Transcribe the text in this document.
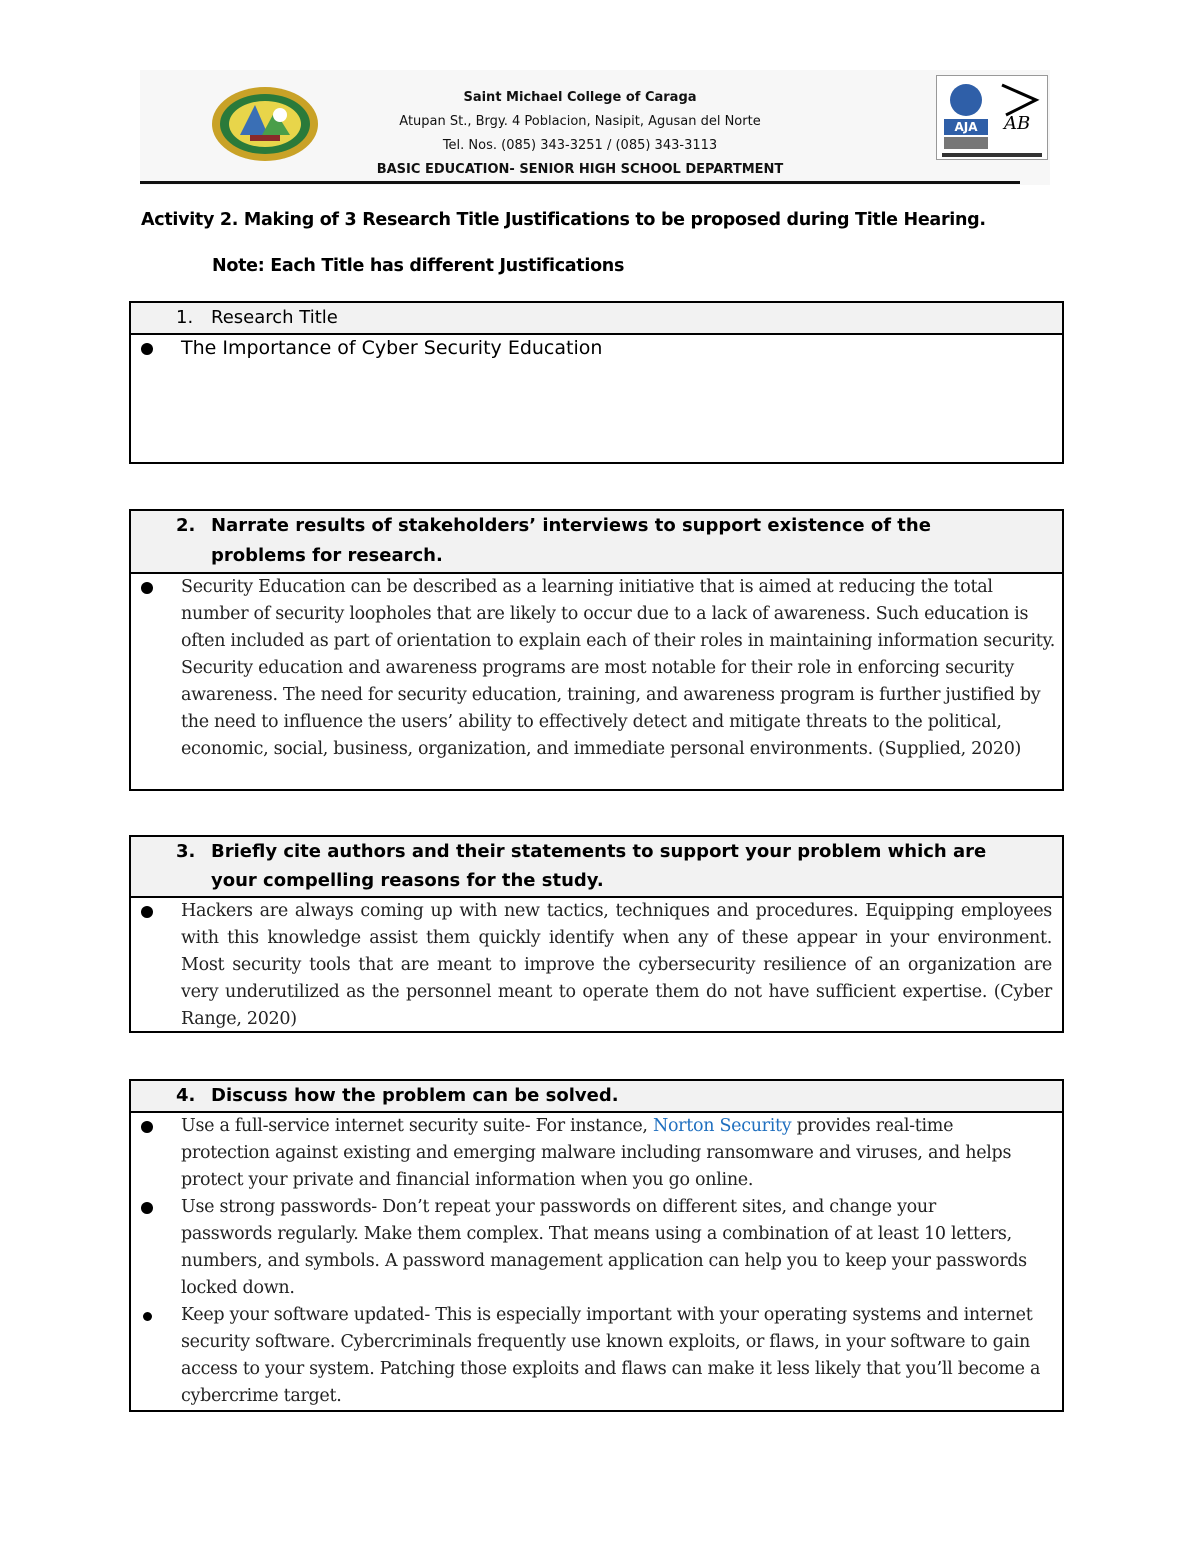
AJA AB
Saint Michael College of Caraga
Atupan St., Brgy. 4 Poblacion, Nasipit, Agusan del Norte
Tel. Nos. (085) 343-3251 / (085) 343-3113
BASIC EDUCATION- SENIOR HIGH SCHOOL DEPARTMENT
Activity 2. Making of 3 Research Title Justifications to be proposed during Title Hearing.
Note: Each Title has different Justifications
1. Research Title
The Importance of Cyber Security Education
2. Narrate results of stakeholders’ interviews to support existence of the problems for research.
Security Education can be described as a learning initiative that is aimed at reducing the total number of security loopholes that are likely to occur due to a lack of awareness. Such education is often included as part of orientation to explain each of their roles in maintaining information security. Security education and awareness programs are most notable for their role in enforcing security awareness. The need for security education, training, and awareness program is further justified by the need to influence the users’ ability to effectively detect and mitigate threats to the political, economic, social, business, organization, and immediate personal environments. (Supplied, 2020)
3. Briefly cite authors and their statements to support your problem which are your compelling reasons for the study.
Hackers are always coming up with new tactics, techniques and procedures. Equipping employees with this knowledge assist them quickly identify when any of these appear in your environment. Most security tools that are meant to improve the cybersecurity resilience of an organization are very underutilized as the personnel meant to operate them do not have sufficient expertise. (Cyber Range, 2020)
4. Discuss how the problem can be solved.
Use a full-service internet security suite- For instance, Norton Security provides real-time protection against existing and emerging malware including ransomware and viruses, and helps protect your private and financial information when you go online.
Use strong passwords- Don’t repeat your passwords on different sites, and change your passwords regularly. Make them complex. That means using a combination of at least 10 letters, numbers, and symbols. A password management application can help you to keep your passwords locked down.
Keep your software updated- This is especially important with your operating systems and internet security software. Cybercriminals frequently use known exploits, or flaws, in your software to gain access to your system. Patching those exploits and flaws can make it less likely that you’ll become a cybercrime target.
